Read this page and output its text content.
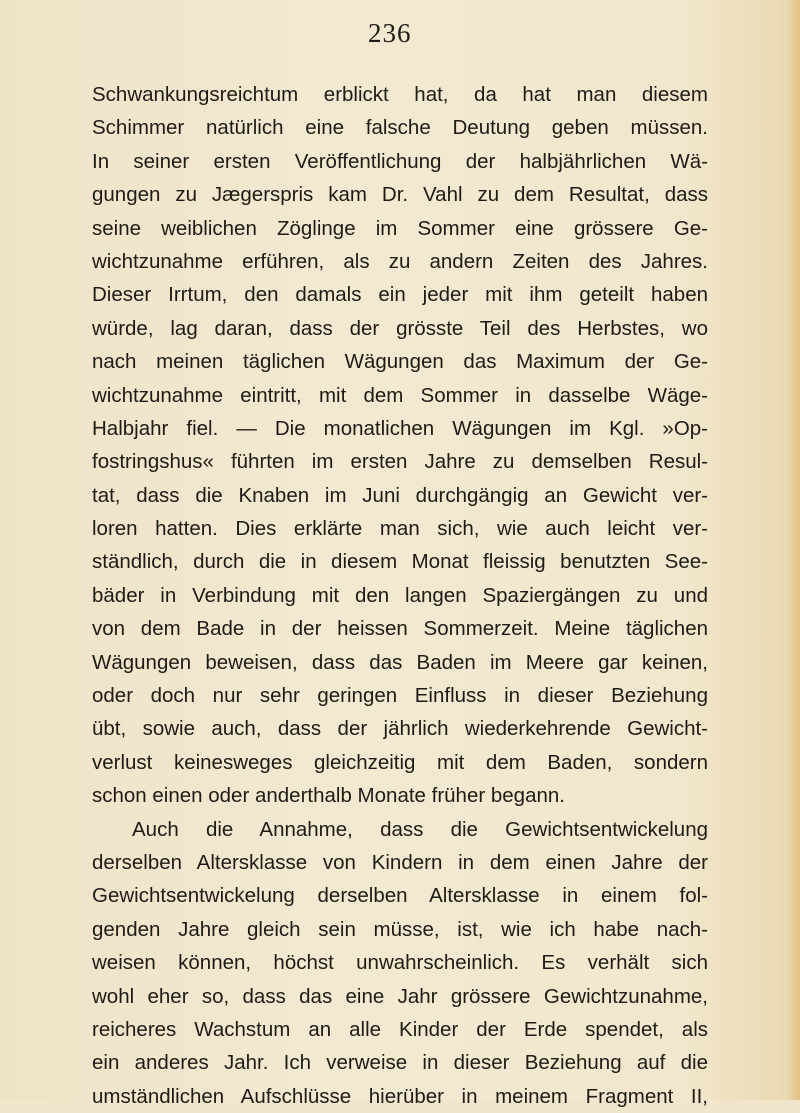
236
Schwankungsreichtum erblickt hat, da hat man diesem
Schimmer natürlich eine falsche Deutung geben müssen.
In seiner ersten Veröffentlichung der halbjährlichen Wä-
gungen zu Jægerspris kam Dr. Vahl zu dem Resultat, dass
seine weiblichen Zöglinge im Sommer eine grössere Ge-
wichtzunahme erführen, als zu andern Zeiten des Jahres.
Dieser Irrtum, den damals ein jeder mit ihm geteilt haben
würde, lag daran, dass der grösste Teil des Herbstes, wo
nach meinen täglichen Wägungen das Maximum der Ge-
wichtzunahme eintritt, mit dem Sommer in dasselbe Wäge-
Halbjahr fiel. — Die monatlichen Wägungen im Kgl. »Op-
fostringshus« führten im ersten Jahre zu demselben Resul-
tat, dass die Knaben im Juni durchgängig an Gewicht ver-
loren hatten. Dies erklärte man sich, wie auch leicht ver-
ständlich, durch die in diesem Monat fleissig benutzten See-
bäder in Verbindung mit den langen Spaziergängen zu und
von dem Bade in der heissen Sommerzeit. Meine täglichen
Wägungen beweisen, dass das Baden im Meere gar keinen,
oder doch nur sehr geringen Einfluss in dieser Beziehung
übt, sowie auch, dass der jährlich wiederkehrende Gewicht-
verlust keinesweges gleichzeitig mit dem Baden, sondern
schon einen oder anderthalb Monate früher begann.
Auch die Annahme, dass die Gewichtsentwickelung
derselben Altersklasse von Kindern in dem einen Jahre der
Gewichtsentwickelung derselben Altersklasse in einem fol-
genden Jahre gleich sein müsse, ist, wie ich habe nach-
weisen können, höchst unwahrscheinlich. Es verhält sich
wohl eher so, dass das eine Jahr grössere Gewichtzunahme,
reicheres Wachstum an alle Kinder der Erde spendet, als
ein anderes Jahr. Ich verweise in dieser Beziehung auf die
umständlichen Aufschlüsse hierüber in meinem Fragment II,
